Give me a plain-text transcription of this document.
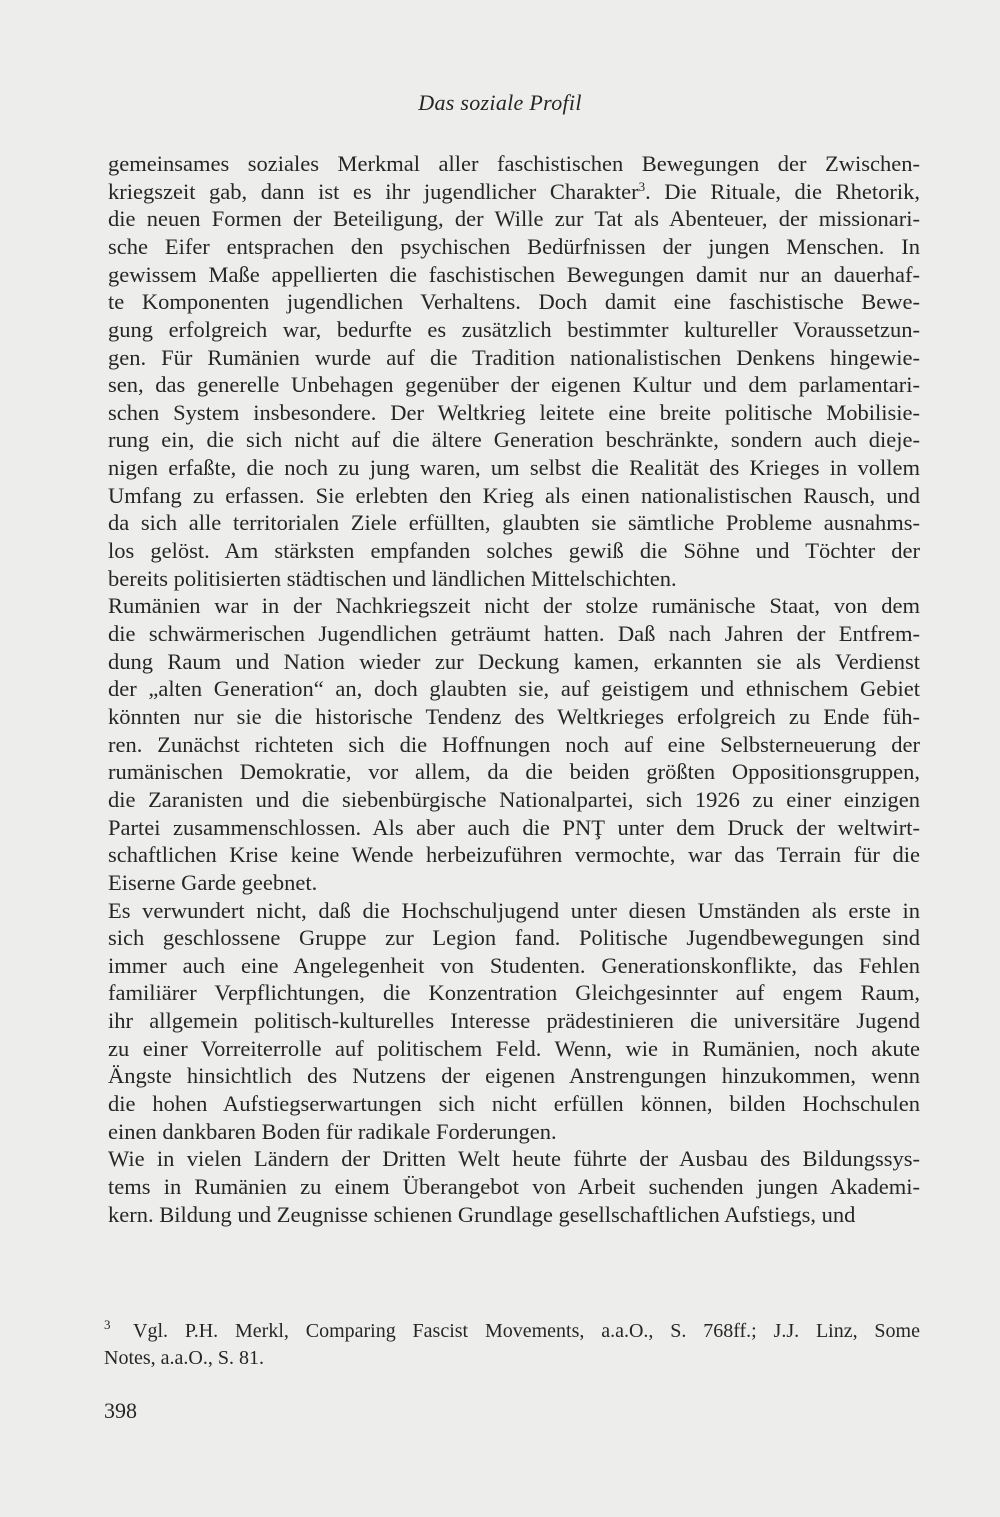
Das soziale Profil
gemeinsames soziales Merkmal aller faschistischen Bewegungen der Zwischen-
kriegszeit gab, dann ist es ihr jugendlicher Charakter$^3$. Die Rituale, die Rhetorik,
die neuen Formen der Beteiligung, der Wille zur Tat als Abenteuer, der missionari-
sche Eifer entsprachen den psychischen Bedürfnissen der jungen Menschen. In
gewissem Maße appellierten die faschistischen Bewegungen damit nur an dauerhaf-
te Komponenten jugendlichen Verhaltens. Doch damit eine faschistische Bewe-
gung erfolgreich war, bedurfte es zusätzlich bestimmter kultureller Voraussetzun-
gen. Für Rumänien wurde auf die Tradition nationalistischen Denkens hingewie-
sen, das generelle Unbehagen gegenüber der eigenen Kultur und dem parlamentari-
schen System insbesondere. Der Weltkrieg leitete eine breite politische Mobilisie-
rung ein, die sich nicht auf die ältere Generation beschränkte, sondern auch dieje-
nigen erfaßte, die noch zu jung waren, um selbst die Realität des Krieges in vollem
Umfang zu erfassen. Sie erlebten den Krieg als einen nationalistischen Rausch, und
da sich alle territorialen Ziele erfüllten, glaubten sie sämtliche Probleme ausnahms-
los gelöst. Am stärksten empfanden solches gewiß die Söhne und Töchter der
bereits politisierten städtischen und ländlichen Mittelschichten.
Rumänien war in der Nachkriegszeit nicht der stolze rumänische Staat, von dem
die schwärmerischen Jugendlichen geträumt hatten. Daß nach Jahren der Entfrem-
dung Raum und Nation wieder zur Deckung kamen, erkannten sie als Verdienst
der „alten Generation“ an, doch glaubten sie, auf geistigem und ethnischem Gebiet
könnten nur sie die historische Tendenz des Weltkrieges erfolgreich zu Ende füh-
ren. Zunächst richteten sich die Hoffnungen noch auf eine Selbsterneuerung der
rumänischen Demokratie, vor allem, da die beiden größten Oppositionsgruppen,
die Zaranisten und die siebenbürgische Nationalpartei, sich 1926 zu einer einzigen
Partei zusammenschlossen. Als aber auch die PNŢ unter dem Druck der weltwirt-
schaftlichen Krise keine Wende herbeizuführen vermochte, war das Terrain für die
Eiserne Garde geebnet.
Es verwundert nicht, daß die Hochschuljugend unter diesen Umständen als erste in
sich geschlossene Gruppe zur Legion fand. Politische Jugendbewegungen sind
immer auch eine Angelegenheit von Studenten. Generationskonflikte, das Fehlen
familiärer Verpflichtungen, die Konzentration Gleichgesinnter auf engem Raum,
ihr allgemein politisch-kulturelles Interesse prädestinieren die universitäre Jugend
zu einer Vorreiterrolle auf politischem Feld. Wenn, wie in Rumänien, noch akute
Ängste hinsichtlich des Nutzens der eigenen Anstrengungen hinzukommen, wenn
die hohen Aufstiegserwartungen sich nicht erfüllen können, bilden Hochschulen
einen dankbaren Boden für radikale Forderungen.
Wie in vielen Ländern der Dritten Welt heute führte der Ausbau des Bildungssys-
tems in Rumänien zu einem Überangebot von Arbeit suchenden jungen Akademi-
kern. Bildung und Zeugnisse schienen Grundlage gesellschaftlichen Aufstiegs, und
3 Vgl. P.H. Merkl, Comparing Fascist Movements, a.a.O., S. 768ff.; J.J. Linz, Some
Notes, a.a.O., S. 81.
398
